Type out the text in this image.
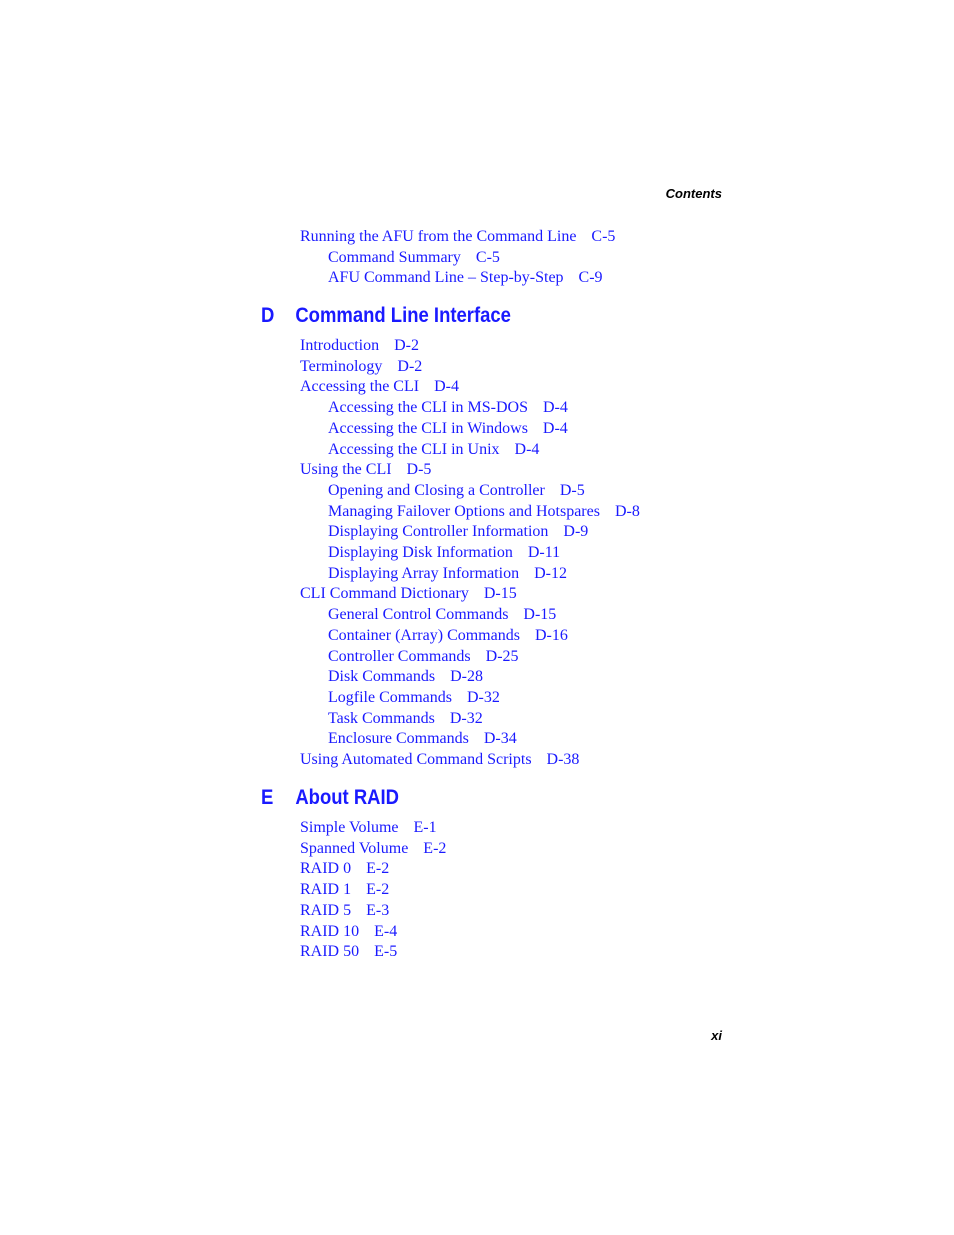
Contents
Running the AFU from the Command Line C-5
Command Summary C-5
AFU Command Line – Step-by-Step C-9
D Command Line Interface
Introduction D-2
Terminology D-2
Accessing the CLI D-4
Accessing the CLI in MS-DOS D-4
Accessing the CLI in Windows D-4
Accessing the CLI in Unix D-4
Using the CLI D-5
Opening and Closing a Controller D-5
Managing Failover Options and Hotspares D-8
Displaying Controller Information D-9
Displaying Disk Information D-11
Displaying Array Information D-12
CLI Command Dictionary D-15
General Control Commands D-15
Container (Array) Commands D-16
Controller Commands D-25
Disk Commands D-28
Logfile Commands D-32
Task Commands D-32
Enclosure Commands D-34
Using Automated Command Scripts D-38
E About RAID
Simple Volume E-1
Spanned Volume E-2
RAID 0 E-2
RAID 1 E-2
RAID 5 E-3
RAID 10 E-4
RAID 50 E-5
xi
